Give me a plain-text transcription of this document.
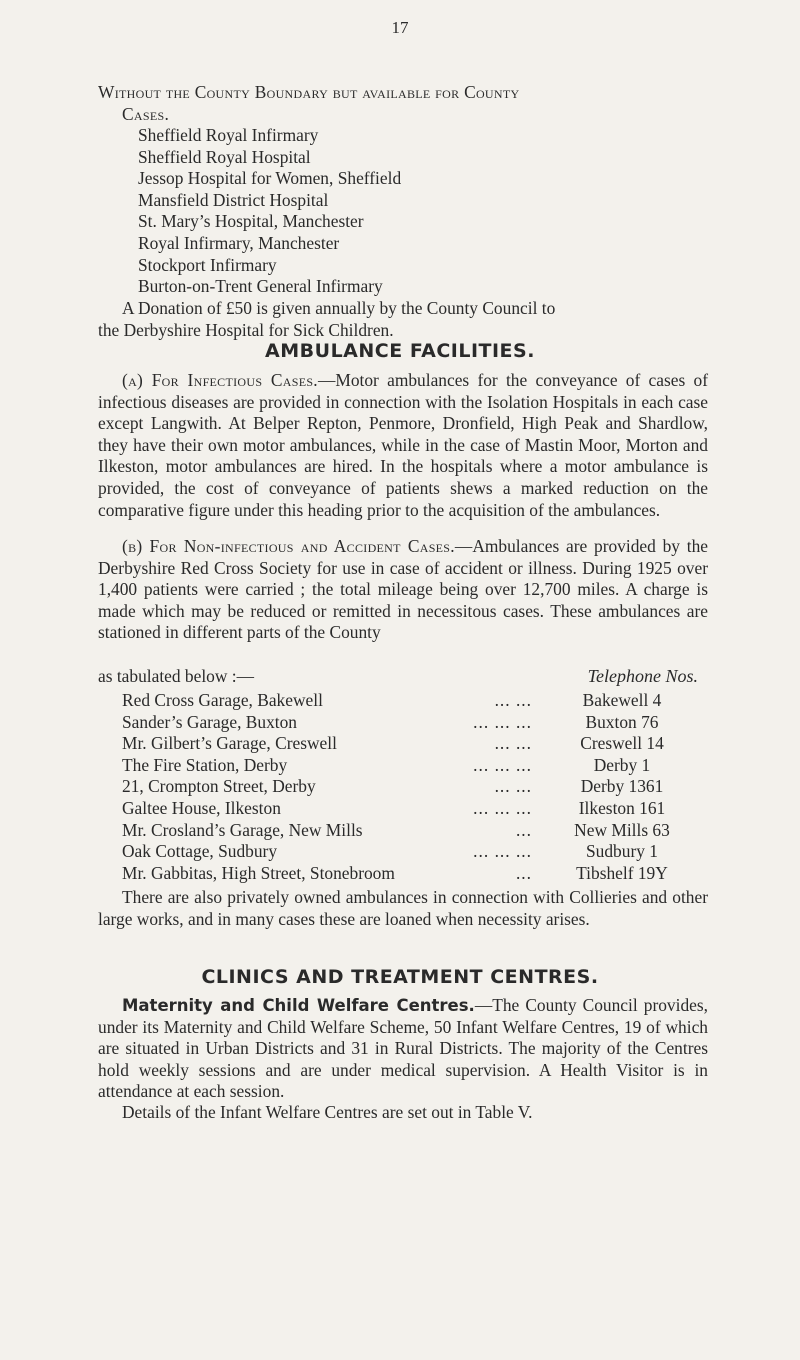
17
Without the County Boundary but available for County
Cases.
Sheffield Royal Infirmary
Sheffield Royal Hospital
Jessop Hospital for Women, Sheffield
Mansfield District Hospital
St. Mary’s Hospital, Manchester
Royal Infirmary, Manchester
Stockport Infirmary
Burton-on-Trent General Infirmary
A Donation of £50 is given annually by the County Council to
the Derbyshire Hospital for Sick Children.
AMBULANCE FACILITIES.

(a) For Infectious Cases.—Motor ambulances for the conveyance of cases of infectious diseases are provided in connection with the Isolation Hospitals in each case except Langwith. At Belper Repton, Penmore, Dronfield, High Peak and Shardlow, they have their own motor ambulances, while in the case of Mastin Moor, Morton and Ilkeston, motor ambulances are hired. In the hospitals where a motor ambulance is provided, the cost of conveyance of patients shews a marked reduction on the comparative figure under this heading prior to the acquisition of the ambulances.

(b) For Non-infectious and Accident Cases.—Ambulances are provided by the Derbyshire Red Cross Society for use in case of accident or illness. During 1925 over 1,400 patients were carried ; the total mileage being over 12,700 miles. A charge is made which may be reduced or remitted in necessitous cases. These ambulances are stationed in different parts of the County

as tabulated below :—	Telephone Nos.
Red Cross Garage, Bakewell	... ...	Bakewell 4
Sander’s Garage, Buxton	... ... ...	Buxton 76
Mr. Gilbert’s Garage, Creswell	... ...	Creswell 14
The Fire Station, Derby	... ... ...	Derby 1
21, Crompton Street, Derby	... ...	Derby 1361
Galtee House, Ilkeston	... ... ...	Ilkeston 161
Mr. Crosland’s Garage, New Mills	...	New Mills 63
Oak Cottage, Sudbury	... ... ...	Sudbury 1
Mr. Gabbitas, High Street, Stonebroom	...	Tibshelf 19Y

There are also privately owned ambulances in connection with Collieries and other large works, and in many cases these are loaned when necessity arises.

CLINICS AND TREATMENT CENTRES.

Maternity and Child Welfare Centres.—The County Council provides, under its Maternity and Child Welfare Scheme, 50 Infant Welfare Centres, 19 of which are situated in Urban Districts and 31 in Rural Districts. The majority of the Centres hold weekly sessions and are under medical supervision. A Health Visitor is in attendance at each session.

Details of the Infant Welfare Centres are set out in Table V.
